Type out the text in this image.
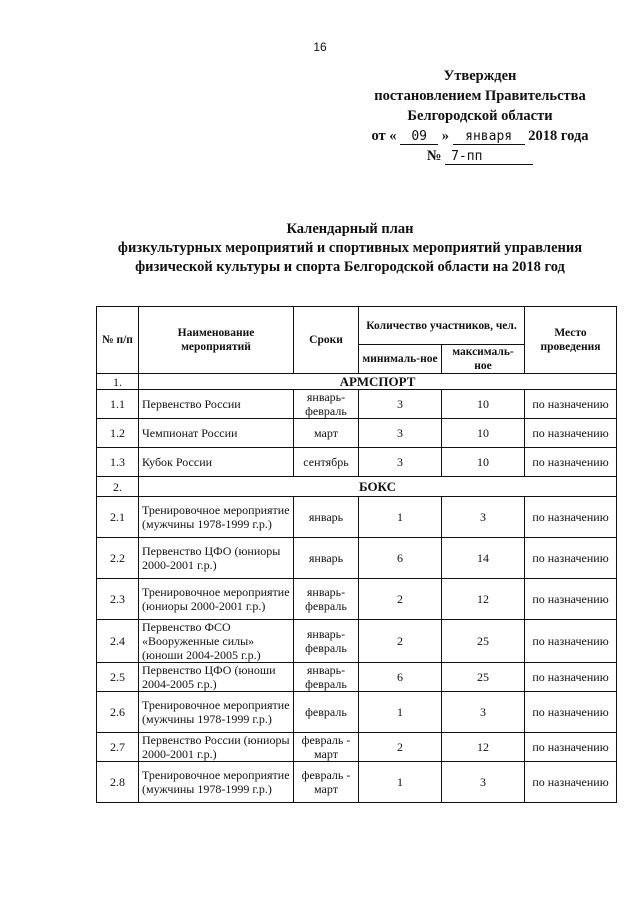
16
Утвержден
постановлением Правительства
Белгородской области
от « 09 » января 2018 года
№ 7-пп
Календарный план
физкультурных мероприятий и спортивных мероприятий управления
физической культуры и спорта Белгородской области на 2018 год
№ п/п	Наименование мероприятий	Сроки	Количество участников, чел.		Место проведения
			минималь-ное	максималь-ное	
1.	АРМСПОРТ				
1.1	Первенство России	январь-февраль	3	10	по назначению
1.2	Чемпионат России	март	3	10	по назначению
1.3	Кубок России	сентябрь	3	10	по назначению
2.	БОКС				
2.1	Тренировочное мероприятие (мужчины 1978-1999 г.р.)	январь	1	3	по назначению
2.2	Первенство ЦФО (юниоры 2000-2001 г.р.)	январь	6	14	по назначению
2.3	Тренировочное мероприятие (юниоры 2000-2001 г.р.)	январь-февраль	2	12	по назначению
2.4	Первенство ФСО «Вооруженные силы» (юноши 2004-2005 г.р.)	январь-февраль	2	25	по назначению
2.5	Первенство ЦФО (юноши 2004-2005 г.р.)	январь-февраль	6	25	по назначению
2.6	Тренировочное мероприятие (мужчины 1978-1999 г.р.)	февраль	1	3	по назначению
2.7	Первенство России (юниоры 2000-2001 г.р.)	февраль - март	2	12	по назначению
2.8	Тренировочное мероприятие (мужчины 1978-1999 г.р.)	февраль - март	1	3	по назначению
